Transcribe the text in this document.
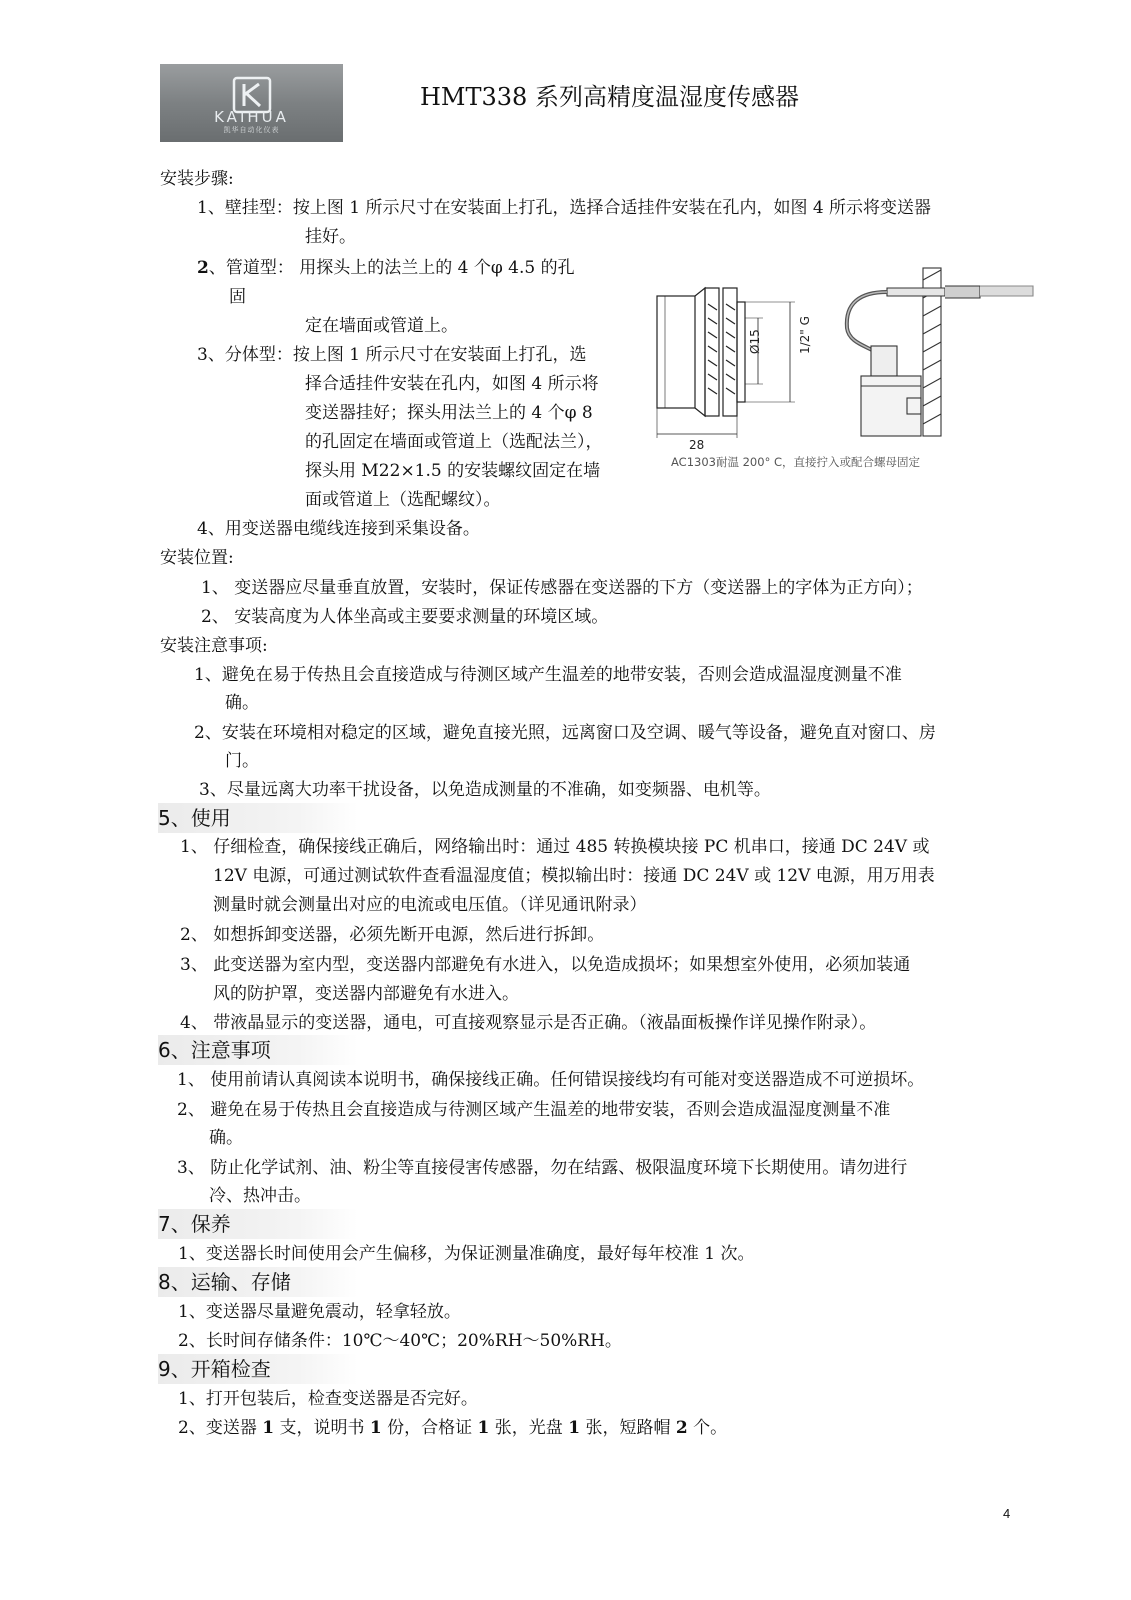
KAIHUA
凯华自动化仪表
HMT338 系列高精度温湿度传感器
安装步骤:
1、壁挂型：按上图 1 所示尺寸在安装面上打孔，选择合适挂件安装在孔内，如图 4 所示将变送器
挂好。
2、管道型： 用探头上的法兰上的 4 个φ 4.5 的孔
固
定在墙面或管道上。
3、分体型：按上图 1 所示尺寸在安装面上打孔，选
择合适挂件安装在孔内，如图 4 所示将
变送器挂好；探头用法兰上的 4 个φ 8
的孔固定在墙面或管道上（选配法兰），
探头用 M22×1.5 的安装螺纹固定在墙
面或管道上（选配螺纹）。
4、用变送器电缆线连接到采集设备。
Ø15	1/2" G
28
AC1303耐温 200° C，直接拧入或配合螺母固定
安装位置:
1、 变送器应尽量垂直放置，安装时，保证传感器在变送器的下方（变送器上的字体为正方向）；
2、 安装高度为人体坐高或主要要求测量的环境区域。
安装注意事项:
1、避免在易于传热且会直接造成与待测区域产生温差的地带安装，否则会造成温湿度测量不准
确。
2、安装在环境相对稳定的区域，避免直接光照，远离窗口及空调、暖气等设备，避免直对窗口、房
门。
3、尽量远离大功率干扰设备，以免造成测量的不准确，如变频器、电机等。
5、使用
1、 仔细检查，确保接线正确后，网络输出时：通过 485 转换模块接 PC 机串口，接通 DC 24V 或
12V 电源，可通过测试软件查看温湿度值；模拟输出时：接通 DC 24V 或 12V 电源，用万用表
测量时就会测量出对应的电流或电压值。（详见通讯附录）
2、 如想拆卸变送器，必须先断开电源，然后进行拆卸。
3、 此变送器为室内型，变送器内部避免有水进入，以免造成损坏；如果想室外使用，必须加装通
风的防护罩，变送器内部避免有水进入。
4、 带液晶显示的变送器，通电，可直接观察显示是否正确。（液晶面板操作详见操作附录）。
6、注意事项
1、 使用前请认真阅读本说明书，确保接线正确。任何错误接线均有可能对变送器造成不可逆损坏。
2、 避免在易于传热且会直接造成与待测区域产生温差的地带安装，否则会造成温湿度测量不准
确。
3、 防止化学试剂、油、粉尘等直接侵害传感器，勿在结露、极限温度环境下长期使用。请勿进行
冷、热冲击。
7、保养
1、变送器长时间使用会产生偏移，为保证测量准确度，最好每年校准 1 次。
8、运输、存储
1、变送器尽量避免震动，轻拿轻放。
2、长时间存储条件：10℃～40℃；20%RH～50%RH。
9、开箱检查
1、打开包装后，检查变送器是否完好。
2、变送器 1 支，说明书 1 份，合格证 1 张，光盘 1 张，短路帽 2 个。
4
